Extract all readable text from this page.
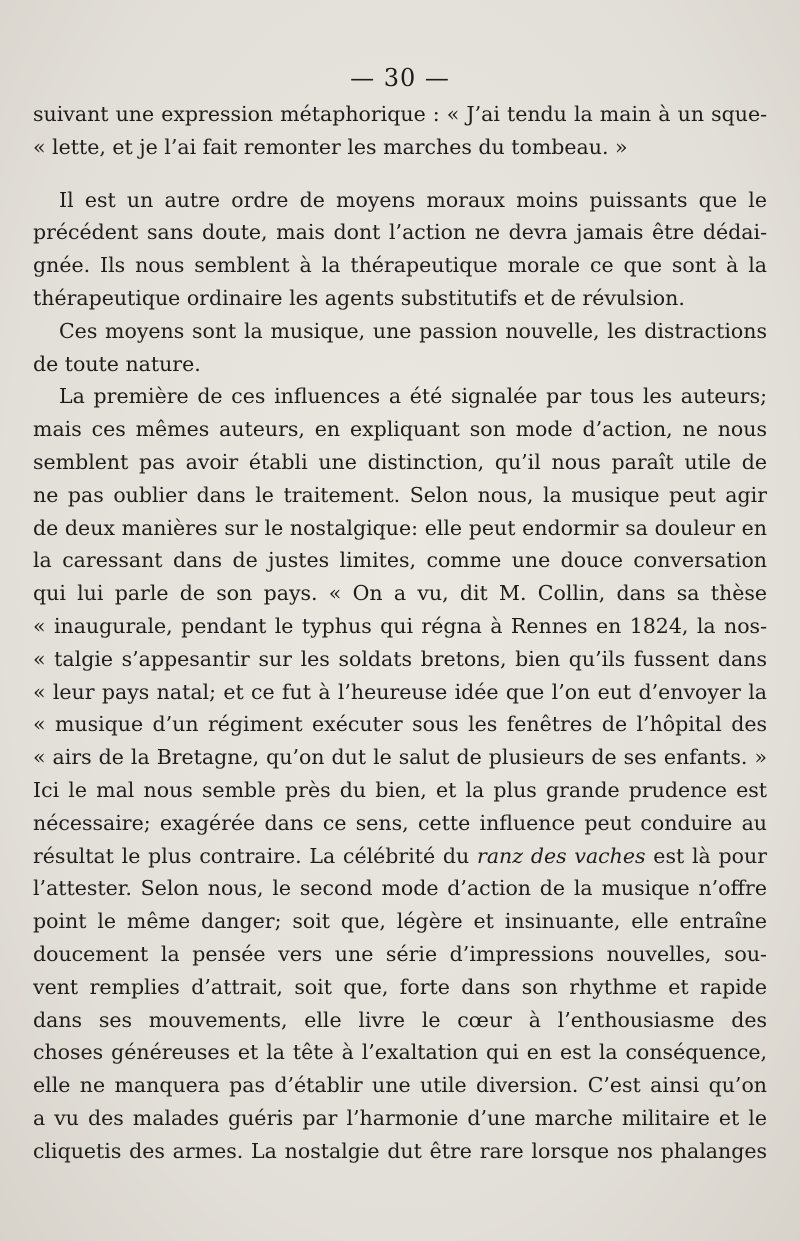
— 30 —
suivant une expression métaphorique : « J’ai tendu la main à un sque-
« lette, et je l’ai fait remonter les marches du tombeau. »
Il est un autre ordre de moyens moraux moins puissants que le
précédent sans doute, mais dont l’action ne devra jamais être dédai-
gnée. Ils nous semblent à la thérapeutique morale ce que sont à la
thérapeutique ordinaire les agents substitutifs et de révulsion.
Ces moyens sont la musique, une passion nouvelle, les distractions
de toute nature.
La première de ces influences a été signalée par tous les auteurs;
mais ces mêmes auteurs, en expliquant son mode d’action, ne nous
semblent pas avoir établi une distinction, qu’il nous paraît utile de
ne pas oublier dans le traitement. Selon nous, la musique peut agir
de deux manières sur le nostalgique: elle peut endormir sa douleur en
la caressant dans de justes limites, comme une douce conversation
qui lui parle de son pays. « On a vu, dit M. Collin, dans sa thèse
« inaugurale, pendant le typhus qui régna à Rennes en 1824, la nos-
« talgie s’appesantir sur les soldats bretons, bien qu’ils fussent dans
« leur pays natal; et ce fut à l’heureuse idée que l’on eut d’envoyer la
« musique d’un régiment exécuter sous les fenêtres de l’hôpital des
« airs de la Bretagne, qu’on dut le salut de plusieurs de ses enfants. »
Ici le mal nous semble près du bien, et la plus grande prudence est
nécessaire; exagérée dans ce sens, cette influence peut conduire au
résultat le plus contraire. La célébrité du ranz des vaches est là pour
l’attester. Selon nous, le second mode d’action de la musique n’offre
point le même danger; soit que, légère et insinuante, elle entraîne
doucement la pensée vers une série d’impressions nouvelles, sou-
vent remplies d’attrait, soit que, forte dans son rhythme et rapide
dans ses mouvements, elle livre le cœur à l’enthousiasme des
choses généreuses et la tête à l’exaltation qui en est la conséquence,
elle ne manquera pas d’établir une utile diversion. C’est ainsi qu’on
a vu des malades guéris par l’harmonie d’une marche militaire et le
cliquetis des armes. La nostalgie dut être rare lorsque nos phalanges
